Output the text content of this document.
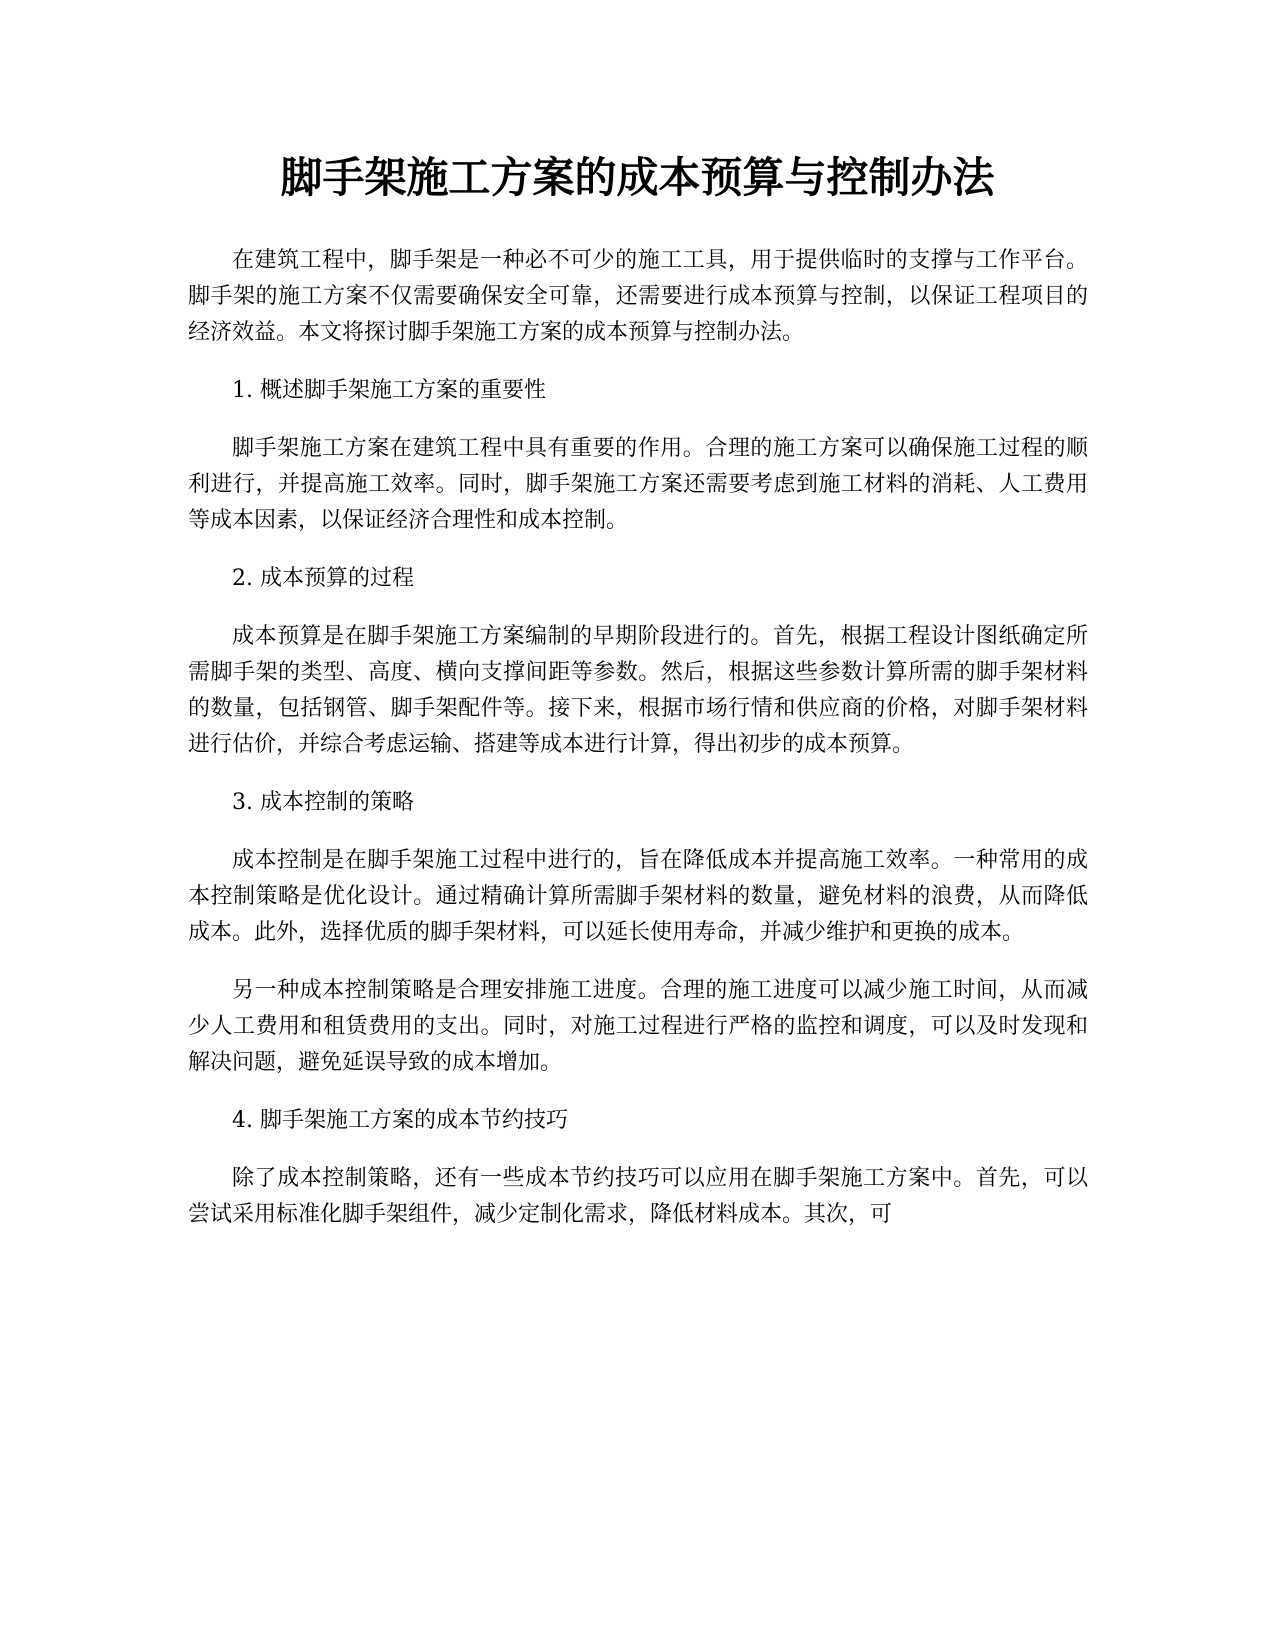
脚手架施工方案的成本预算与控制办法

在建筑工程中，脚手架是一种必不可少的施工工具，用于提供临时的支撑与工作平台。脚手架的施工方案不仅需要确保安全可靠，还需要进行成本预算与控制，以保证工程项目的经济效益。本文将探讨脚手架施工方案的成本预算与控制办法。

1. 概述脚手架施工方案的重要性

脚手架施工方案在建筑工程中具有重要的作用。合理的施工方案可以确保施工过程的顺利进行，并提高施工效率。同时，脚手架施工方案还需要考虑到施工材料的消耗、人工费用等成本因素，以保证经济合理性和成本控制。

2. 成本预算的过程

成本预算是在脚手架施工方案编制的早期阶段进行的。首先，根据工程设计图纸确定所需脚手架的类型、高度、横向支撑间距等参数。然后，根据这些参数计算所需的脚手架材料的数量，包括钢管、脚手架配件等。接下来，根据市场行情和供应商的价格，对脚手架材料进行估价，并综合考虑运输、搭建等成本进行计算，得出初步的成本预算。

3. 成本控制的策略

成本控制是在脚手架施工过程中进行的，旨在降低成本并提高施工效率。一种常用的成本控制策略是优化设计。通过精确计算所需脚手架材料的数量，避免材料的浪费，从而降低成本。此外，选择优质的脚手架材料，可以延长使用寿命，并减少维护和更换的成本。

另一种成本控制策略是合理安排施工进度。合理的施工进度可以减少施工时间，从而减少人工费用和租赁费用的支出。同时，对施工过程进行严格的监控和调度，可以及时发现和解决问题，避免延误导致的成本增加。

4. 脚手架施工方案的成本节约技巧

除了成本控制策略，还有一些成本节约技巧可以应用在脚手架施工方案中。首先，可以尝试采用标准化脚手架组件，减少定制化需求，降低材料成本。其次，可
